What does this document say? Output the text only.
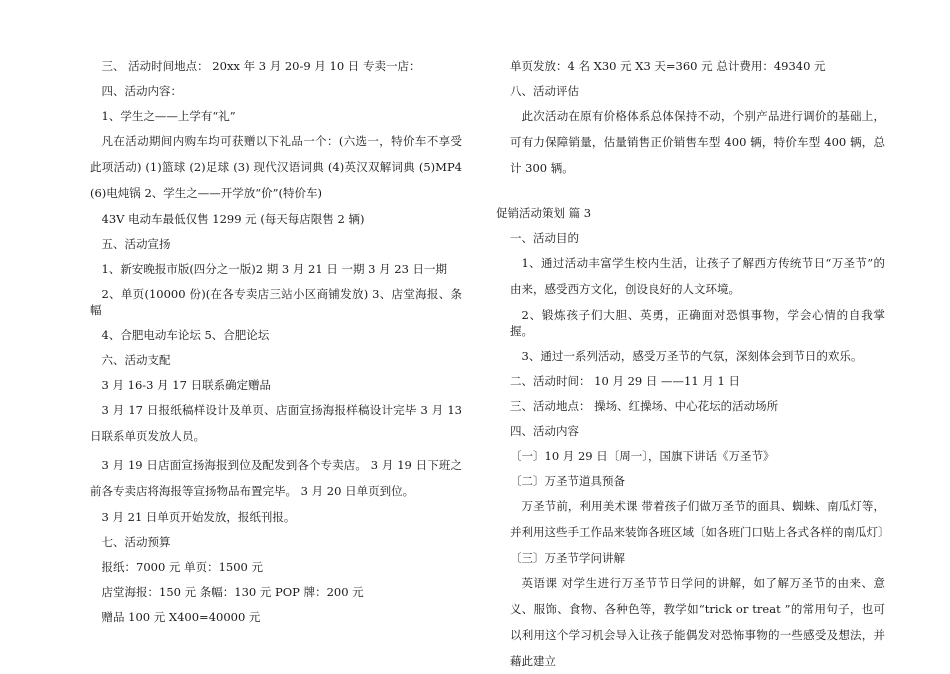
三、 活动时间地点： 20xx 年 3 月 20-9 月 10 日 专卖一店：

四、活动内容：

1、学生之——上学有“礼”

凡在活动期间内购车均可获赠以下礼品一个：(六选一，特价车不享受此项活动) (1)篮球 (2)足球 (3) 现代汉语词典 (4)英汉双解词典 (5)MP4 (6)电炖锅 2、学生之——开学放“价”(特价车)

43V 电动车最低仅售 1299 元 (每天每店限售 2 辆)

五、活动宣扬

1、新安晚报市版(四分之一版)2 期 3 月 21 日 一期 3 月 23 日一期

2、单页(10000 份)(在各专卖店三站小区商铺发放) 3、店堂海报、条幅

4、合肥电动车论坛 5、合肥论坛

六、活动支配

3 月 16-3 月 17 日联系确定赠品

3 月 17 日报纸稿样设计及单页、店面宣扬海报样稿设计完毕 3 月 13 日联系单页发放人员。

3 月 19 日店面宣扬海报到位及配发到各个专卖店。 3 月 19 日下班之前各专卖店将海报等宣扬物品布置完毕。 3 月 20 日单页到位。

3 月 21 日单页开始发放，报纸刊报。

七、活动预算

报纸：7000 元 单页：1500 元

店堂海报：150 元 条幅：130 元 POP 牌：200 元

赠品 100 元 X400=40000 元

单页发放：4 名 X30 元 X3 天=360 元 总计费用：49340 元

八、活动评估

此次活动在原有价格体系总体保持不动，个别产品进行调价的基础上，可有力保障销量，估量销售正价销售车型 400 辆，特价车型 400 辆，总计 300 辆。

促销活动策划 篇 3

一、活动目的

1、通过活动丰富学生校内生活，让孩子了解西方传统节日“万圣节”的由来，感受西方文化，创设良好的人文环境。

2、锻炼孩子们大胆、英勇，正确面对恐惧事物，学会心情的自我掌握。

3、通过一系列活动，感受万圣节的气氛，深刻体会到节日的欢乐。

二、活动时间： 10 月 29 日 ——11 月 1 日

三、活动地点： 操场、红操场、中心花坛的活动场所

四、活动内容

〔一〕10 月 29 日〔周一〕，国旗下讲话《万圣节》

〔二〕万圣节道具预备

万圣节前，利用美术课 带着孩子们做万圣节的面具、蜘蛛、南瓜灯等，并利用这些手工作品来装饰各班区域〔如各班门口贴上各式各样的南瓜灯〕

〔三〕万圣节学问讲解

英语课 对学生进行万圣节节日学问的讲解，如了解万圣节的由来、意义、服饰、食物、各种色等，教学如“trick or treat ”的常用句子，也可以利用这个学习机会导入让孩子能偶发对恐怖事物的一些感受及想法，并藉此建立
